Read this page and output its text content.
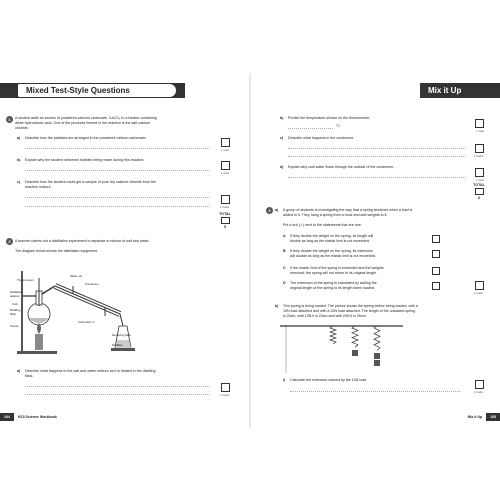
Mixed Test-Style Questions
1	A student adds an excess of powdered calcium carbonate, CaCO₃ to a beaker containing
dilute hydrochloric acid. One of the products formed in the reaction is the salt calcium
chloride.
a) Describe how the particles are arranged in the powdered calcium carbonate.
1 mark
b) Explain why the student observed bubbles being made during this reaction.
1 mark
c) Describe how the student could get a sample of pure dry calcium chloride from the
reaction mixture.
3 marks
TOTAL
5
2	A teacher carries out a distillation experiment to separate a mixture of salt and water.
The diagram below shows the distillation equipment.
Thermometer
Water out
Condenser
Distillation adaptor
Cork
Distilling flask
Source
Cold water in
Receiving flask
Distillate
a) Describe what happens to the salt and water mixture as it is heated in the distilling
flask.
2 marks
104 KS3 Science Workbook
Mix it Up
b) Predict the temperature shown on the thermometer.
°C
1 mark
c) Describe what happens in the condenser.
2 marks
d) Explain why cold water flows through the outside of the condenser.
1 mark
TOTAL
6
3	a) A group of students is investigating the way that a spring stretches when a load is
added to it. They hang a spring from a hook and add weights to it.
Put a tick (✓) next to the statements that are true.
A If they double the weight on the spring, its length will
double as long as the elastic limit is not exceeded.
B If they double the weight on the spring, its extension
will double as long as the elastic limit is not exceeded.
C If the elastic limit of the spring is exceeded and the weights
removed, the spring will not return to its original length.
D The extension of the spring is calculated by adding the
original length of the spring to its length when loaded.
2 marks
b) This spring is being loaded. The picture shows the spring before being loaded, with a
10N load attached and with a 20N load attached. The length of the unloaded spring
is 20cm, with 10N it is 23cm and with 20N it is 26cm.
i) Calculate the extension caused by the 10N load.
2 marks
Mix it Up 105
